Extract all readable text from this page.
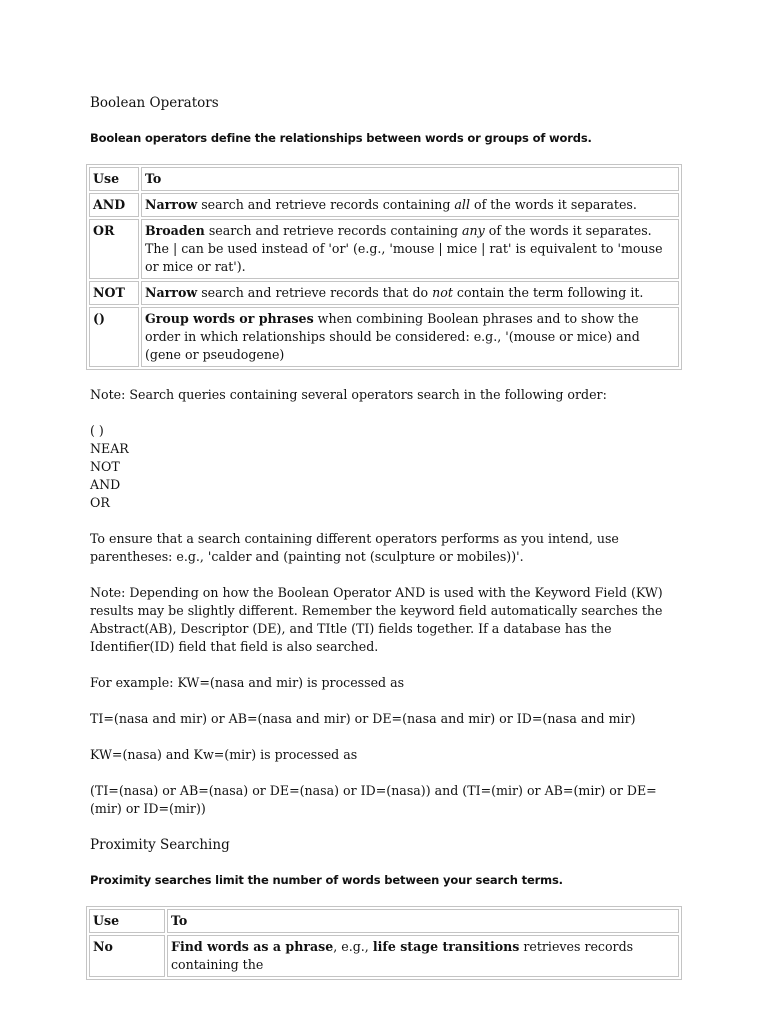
Boolean Operators
Boolean operators define the relationships between words or groups of words.
Use	To
AND	Narrow search and retrieve records containing all of the words it separates.
OR	Broaden search and retrieve records containing any of the words it separates. The | can be used instead of 'or' (e.g., 'mouse | mice | rat' is equivalent to 'mouse or mice or rat').
NOT	Narrow search and retrieve records that do not contain the term following it.
()	Group words or phrases when combining Boolean phrases and to show the order in which relationships should be considered: e.g., '(mouse or mice) and (gene or pseudogene)

Note: Search queries containing several operators search in the following order:

( )
NEAR
NOT
AND
OR

To ensure that a search containing different operators performs as you intend, use parentheses: e.g., 'calder and (painting not (sculpture or mobiles))'.

Note: Depending on how the Boolean Operator AND is used with the Keyword Field (KW) results may be slightly different. Remember the keyword field automatically searches the Abstract(AB), Descriptor (DE), and TItle (TI) fields together. If a database has the Identifier(ID) field that field is also searched.

For example: KW=(nasa and mir) is processed as

TI=(nasa and mir) or AB=(nasa and mir) or DE=(nasa and mir) or ID=(nasa and mir)

KW=(nasa) and Kw=(mir) is processed as

(TI=(nasa) or AB=(nasa) or DE=(nasa) or ID=(nasa)) and (TI=(mir) or AB=(mir) or DE=(mir) or ID=(mir))

Proximity Searching
Proximity searches limit the number of words between your search terms.
Use	To
No	Find words as a phrase, e.g., life stage transitions retrieves records containing the
